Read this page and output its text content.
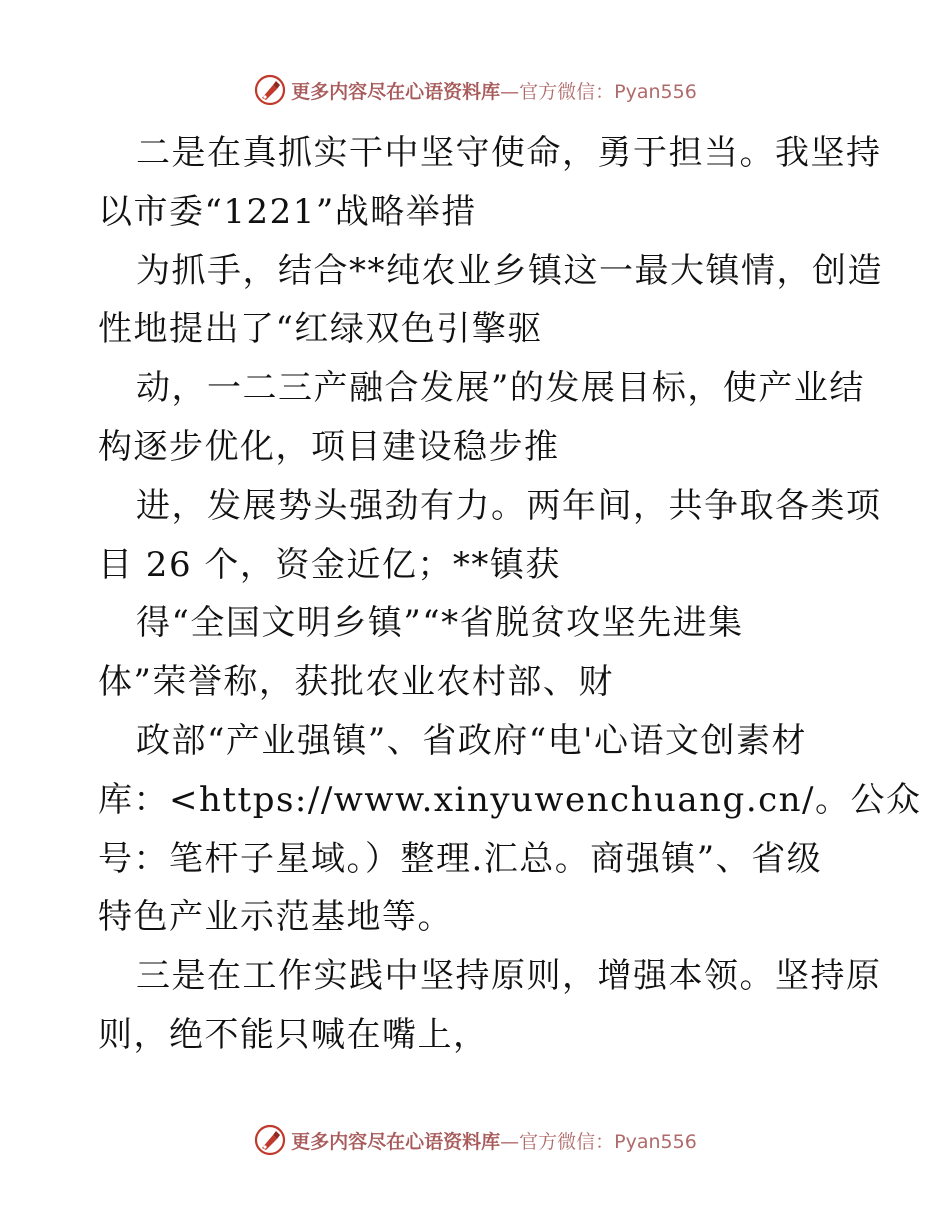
更多内容尽在心语资料库—官方微信：Pyan556
二是在真抓实干中坚守使命，勇于担当。我坚持
以市委“1221”战略举措
为抓手，结合**纯农业乡镇这一最大镇情，创造
性地提出了“红绿双色引擎驱
动，一二三产融合发展”的发展目标，使产业结
构逐步优化，项目建设稳步推
进，发展势头强劲有力。两年间，共争取各类项
目 26 个，资金近亿；**镇获
得“全国文明乡镇”“*省脱贫攻坚先进集
体”荣誉称，获批农业农村部、财
政部“产业强镇”、省政府“电'心语文创素材
库：<https://www.xinyuwenchuang.cn/。公众
号：笔杆子星域。）整理.汇总。商强镇”、省级
特色产业示范基地等。
三是在工作实践中坚持原则，增强本领。坚持原
则，绝不能只喊在嘴上，
更多内容尽在心语资料库—官方微信：Pyan556
